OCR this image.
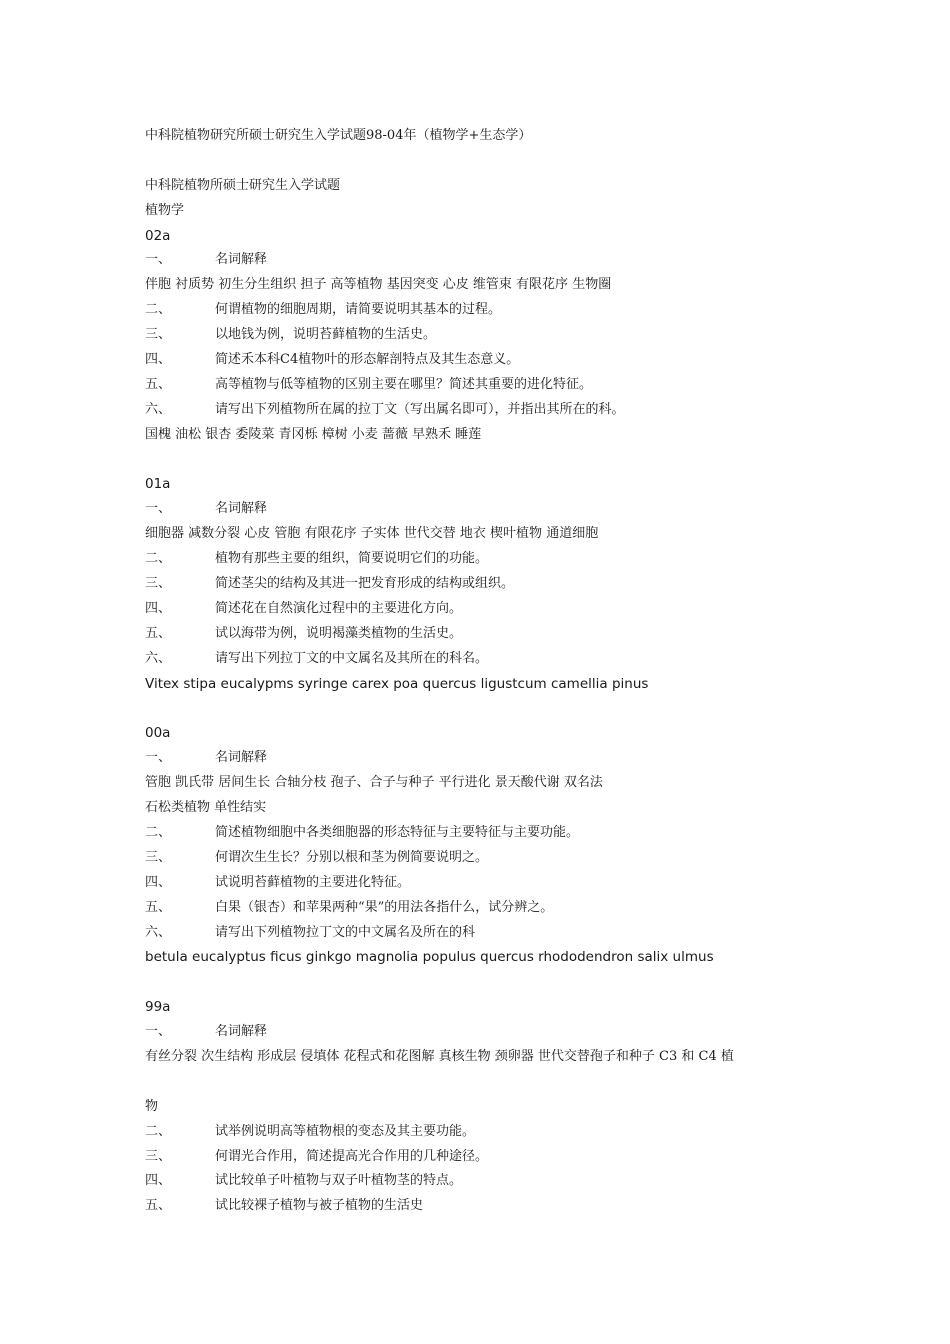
中科院植物研究所硕士研究生入学试题98-04年（植物学+生态学）
中科院植物所硕士研究生入学试题
植物学
02a
一、	名词解释
伴胞 衬质势 初生分生组织 担子 高等植物 基因突变 心皮 维管束 有限花序 生物圈
二、	何谓植物的细胞周期，请简要说明其基本的过程。
三、	以地钱为例，说明苔藓植物的生活史。
四、	简述禾本科C4植物叶的形态解剖特点及其生态意义。
五、	高等植物与低等植物的区别主要在哪里？简述其重要的进化特征。
六、	请写出下列植物所在属的拉丁文（写出属名即可），并指出其所在的科。
国槐 油松 银杏 委陵菜 青冈栎 樟树 小麦 蔷薇 早熟禾 睡莲
01a
一、	名词解释
细胞器 减数分裂 心皮 管胞 有限花序 子实体 世代交替 地衣 楔叶植物 通道细胞
二、	植物有那些主要的组织，简要说明它们的功能。
三、	简述茎尖的结构及其进一把发育形成的结构或组织。
四、	简述花在自然演化过程中的主要进化方向。
五、	试以海带为例，说明褐藻类植物的生活史。
六、	请写出下列拉丁文的中文属名及其所在的科名。
Vitex stipa eucalypms syringe carex poa quercus ligustcum camellia pinus
00a
一、	名词解释
管胞 凯氏带 居间生长 合轴分枝 孢子、合子与种子 平行进化 景天酸代谢 双名法
石松类植物 单性结实
二、	简述植物细胞中各类细胞器的形态特征与主要特征与主要功能。
三、	何谓次生生长？分别以根和茎为例简要说明之。
四、	试说明苔藓植物的主要进化特征。
五、	白果（银杏）和苹果两种“果”的用法各指什么，试分辨之。
六、	请写出下列植物拉丁文的中文属名及所在的科
betula eucalyptus ficus ginkgo magnolia populus quercus rhododendron salix ulmus
99a
一、	名词解释
有丝分裂 次生结构 形成层 侵填体 花程式和花图解 真核生物 颈卵器 世代交替孢子和种子 C3 和 C4 植
物
二、	试举例说明高等植物根的变态及其主要功能。
三、	何谓光合作用，简述提高光合作用的几种途径。
四、	试比较单子叶植物与双子叶植物茎的特点。
五、	试比较裸子植物与被子植物的生活史
